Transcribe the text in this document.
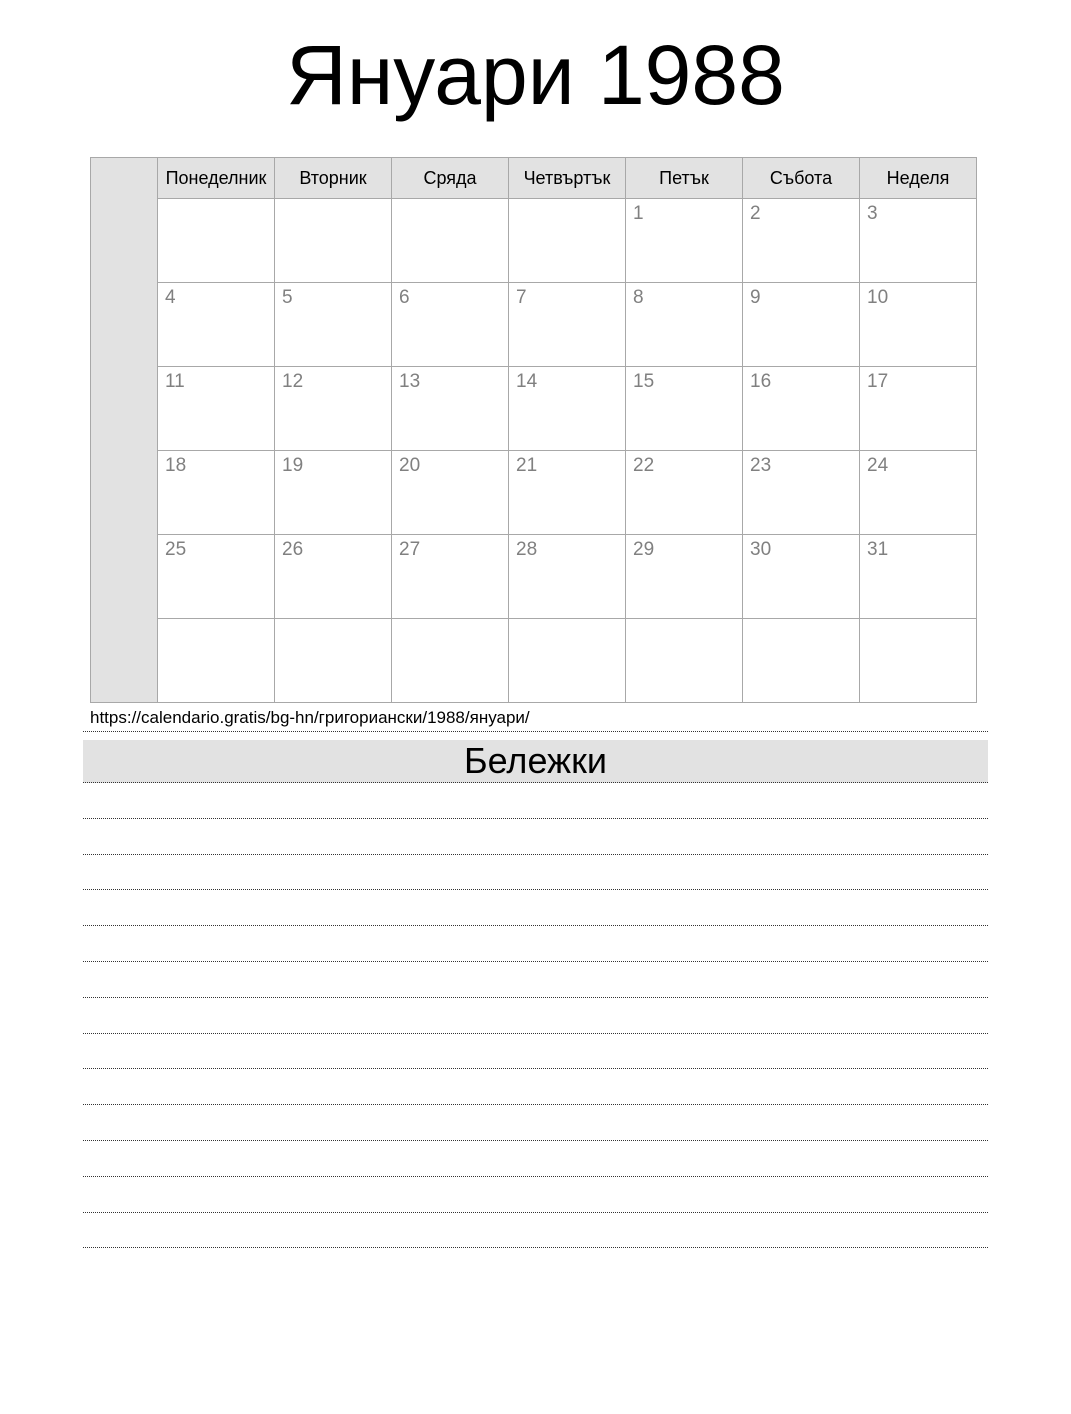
Януари 1988
	Понеделник	Вторник	Сряда	Четвъртък	Петък	Събота	Неделя
					1	2	3
	4	5	6	7	8	9	10
	11	12	13	14	15	16	17
	18	19	20	21	22	23	24
	25	26	27	28	29	30	31

https://calendario.gratis/bg-hn/григориански/1988/януари/
Бележки
